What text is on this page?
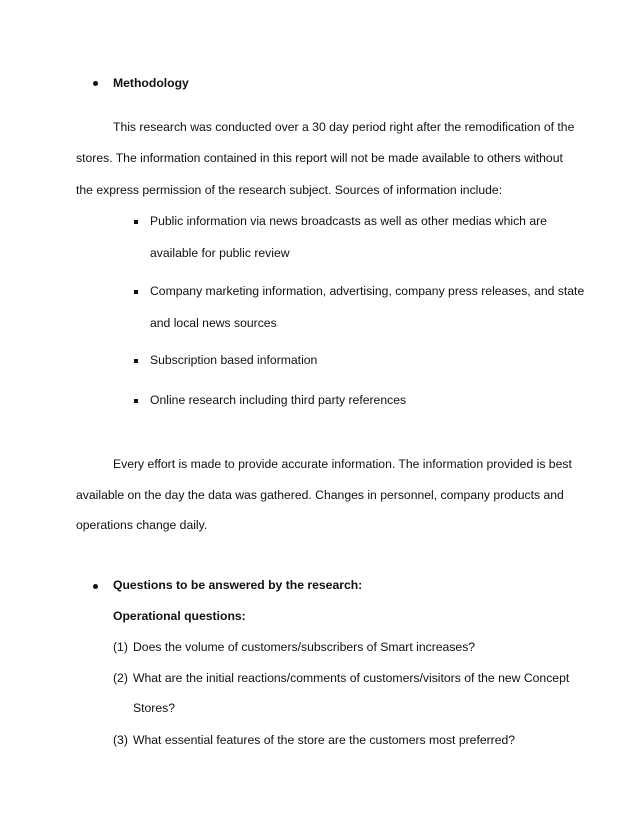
Methodology
This research was conducted over a 30 day period right after the remodification of the
stores. The information contained in this report will not be made available to others without
the express permission of the research subject. Sources of information include:
Public information via news broadcasts as well as other medias which are
available for public review
Company marketing information, advertising, company press releases, and state
and local news sources
Subscription based information
Online research including third party references
Every effort is made to provide accurate information. The information provided is best
available on the day the data was gathered. Changes in personnel, company products and
operations change daily.
Questions to be answered by the research:
Operational questions:
(1) Does the volume of customers/subscribers of Smart increases?
(2) What are the initial reactions/comments of customers/visitors of the new Concept
Stores?
(3) What essential features of the store are the customers most preferred?
